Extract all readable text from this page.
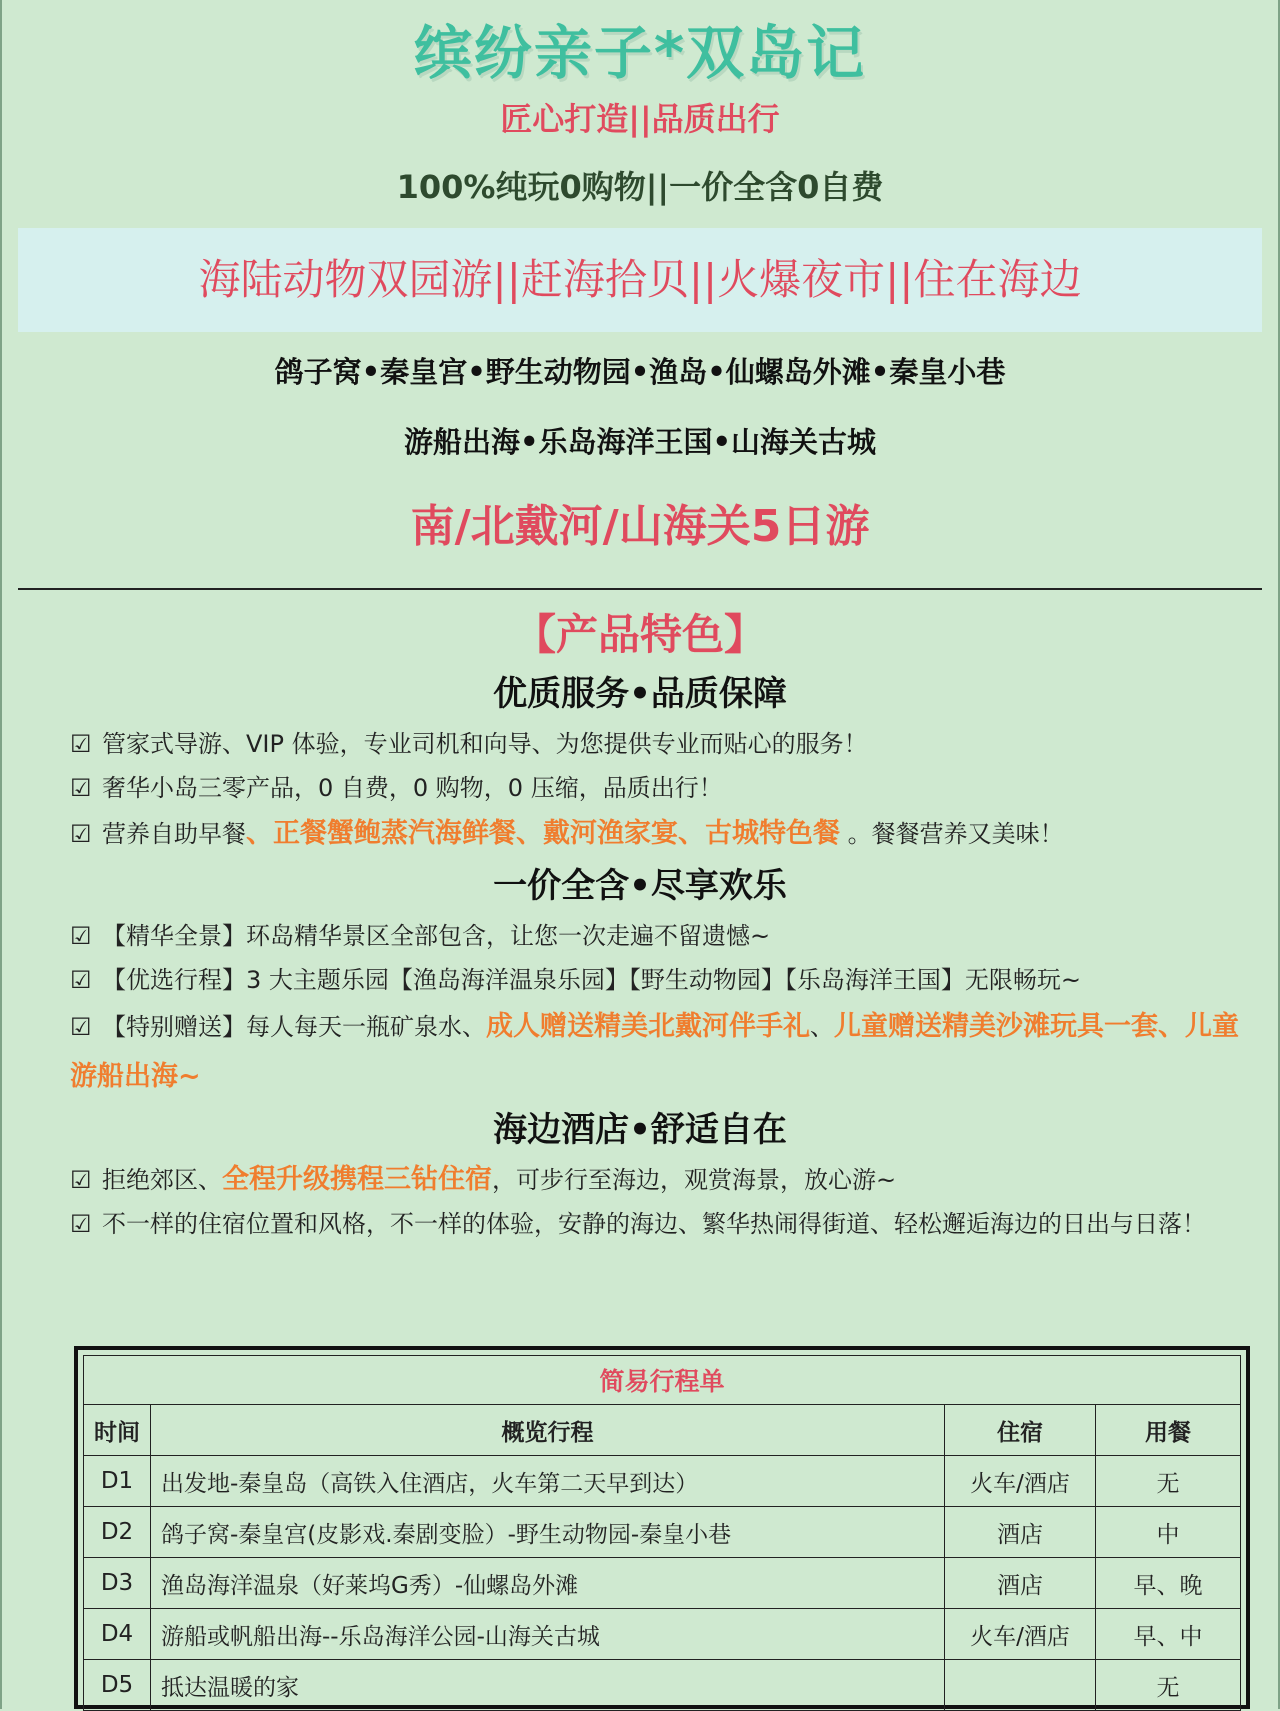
缤纷亲子*双岛记
匠心打造||品质出行
100%纯玩0购物||一价全含0自费
海陆动物双园游||赶海拾贝||火爆夜市||住在海边
鸽子窝•秦皇宫•野生动物园•渔岛•仙螺岛外滩•秦皇小巷
游船出海•乐岛海洋王国•山海关古城
南/北戴河/山海关5日游
【产品特色】
优质服务•品质保障
☑ 管家式导游、VIP 体验，专业司机和向导、为您提供专业而贴心的服务！
☑ 奢华小岛三零产品，0 自费，0 购物，0 压缩，品质出行！
☑ 营养自助早餐、正餐蟹鲍蒸汽海鲜餐、戴河渔家宴、古城特色餐 。餐餐营养又美味！
一价全含•尽享欢乐
☑ 【精华全景】环岛精华景区全部包含，让您一次走遍不留遗憾~
☑ 【优选行程】3 大主题乐园【渔岛海洋温泉乐园】【野生动物园】【乐岛海洋王国】无限畅玩~
☑ 【特别赠送】每人每天一瓶矿泉水、成人赠送精美北戴河伴手礼、儿童赠送精美沙滩玩具一套、儿童游船出海~
海边酒店•舒适自在
☑ 拒绝郊区、全程升级携程三钻住宿，可步行至海边，观赏海景，放心游~
☑ 不一样的住宿位置和风格，不一样的体验，安静的海边、繁华热闹得街道、轻松邂逅海边的日出与日落！
简易行程单			
时间	概览行程	住宿	用餐
D1	出发地-秦皇岛（高铁入住酒店，火车第二天早到达）	火车/酒店	无
D2	鸽子窝-秦皇宫(皮影戏.秦剧变脸）-野生动物园-秦皇小巷	酒店	中
D3	渔岛海洋温泉（好莱坞G秀）-仙螺岛外滩	酒店	早、晚
D4	游船或帆船出海--乐岛海洋公园-山海关古城	火车/酒店	早、中
D5	抵达温暖的家		无
